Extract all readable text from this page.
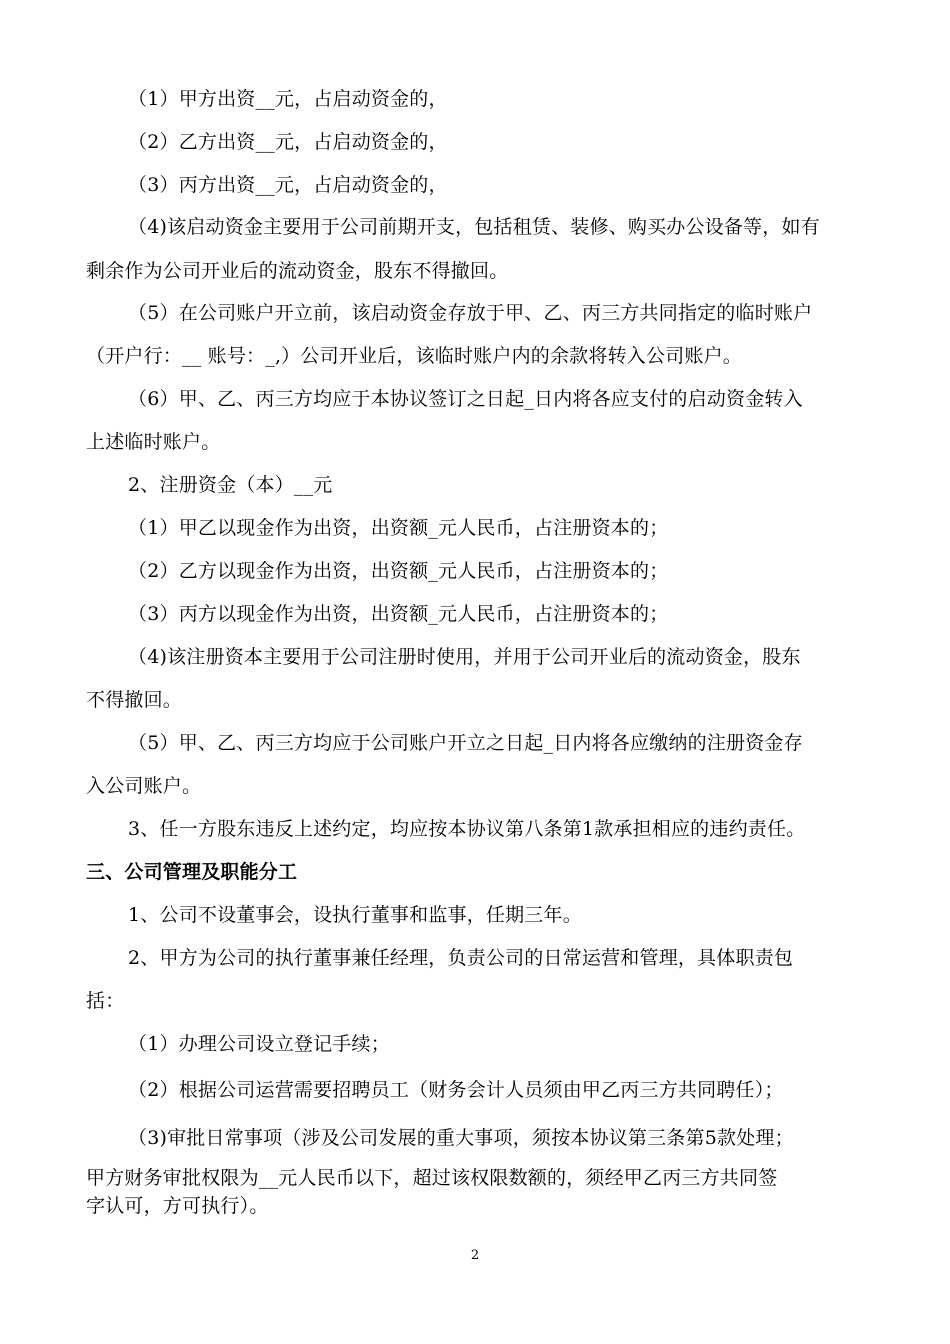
（1）甲方出资__元，占启动资金的，
（2）乙方出资__元，占启动资金的，
（3）丙方出资__元，占启动资金的，
（4)该启动资金主要用于公司前期开支，包括租赁、装修、购买办公设备等，如有
剩余作为公司开业后的流动资金，股东不得撤回。
（5）在公司账户开立前，该启动资金存放于甲、乙、丙三方共同指定的临时账户
（开户行：__ 账号：_,）公司开业后，该临时账户内的余款将转入公司账户。
（6）甲、乙、丙三方均应于本协议签订之日起_日内将各应支付的启动资金转入
上述临时账户。
2、注册资金（本）__元
（1）甲乙以现金作为出资，出资额_元人民币，占注册资本的；
（2）乙方以现金作为出资，出资额_元人民币，占注册资本的；
（3）丙方以现金作为出资，出资额_元人民币，占注册资本的；
（4)该注册资本主要用于公司注册时使用，并用于公司开业后的流动资金，股东
不得撤回。
（5）甲、乙、丙三方均应于公司账户开立之日起_日内将各应缴纳的注册资金存
入公司账户。
3、任一方股东违反上述约定，均应按本协议第八条第1款承担相应的违约责任。
三、公司管理及职能分工
1、公司不设董事会，设执行董事和监事，任期三年。
2、甲方为公司的执行董事兼任经理，负责公司的日常运营和管理，具体职责包
括：
（1）办理公司设立登记手续；
（2）根据公司运营需要招聘员工（财务会计人员须由甲乙丙三方共同聘任）；
（3)审批日常事项（涉及公司发展的重大事项，须按本协议第三条第5款处理；
甲方财务审批权限为__元人民币以下，超过该权限数额的，须经甲乙丙三方共同签
字认可，方可执行）。
2
